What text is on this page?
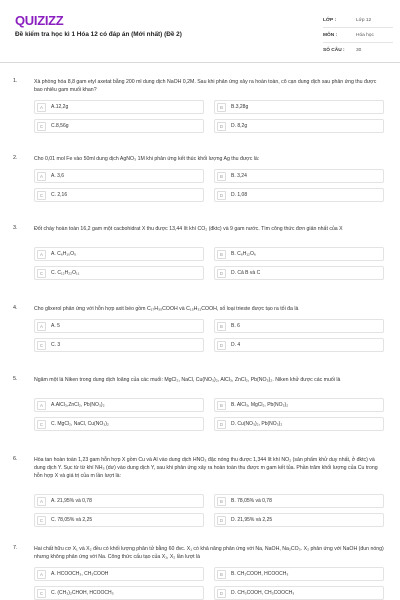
QUIZIZZ
Đề kiểm tra học kì 1 Hóa 12 có đáp án (Mới nhất) (Đề 2)
LỚP :	Lớp 12
MÔN :	Hóa học
SỐ CÂU :	30
1.	Xà phòng hóa 8,8 gam etyl axetat bằng 200 ml dung dịch NaOH 0,2M. Sau khi phản ứng xảy ra hoàn toàn, cô cạn dung dịch sau phản ứng thu được bao nhiêu gam muối khan?
A	A.12,2g	B	B.3,28g
C	C.8,56g	D	D. 8,2g
2.	Cho 0,01 mol Fe vào 50ml dung dịch AgNO₃ 1M khi phản ứng kết thúc khối lượng Ag thu được là:
A	A. 3,6	B	B. 3,24
C	C. 2,16	D	D. 1,08
3.	Đốt cháy hoàn toàn 16,2 gam một cacbohidrat X thu được 13,44 lít khí CO₂ (đktc) và 9 gam nước. Tìm công thức đơn giản nhất của X
A	A. C₆H₁₀O₅	B	B. C₆H₁₂O₆
C	C. C₁₂H₂₂O₁₁	D	D. Cả B và C
4.	Cho glixerol phản ứng với hỗn hợp axit béo gồm C₁₇H₃₅COOH và C₁₅H₃₁COOH, số loại trieste được tạo ra tối đa là
A	A. 5	B	B. 6
C	C. 3	D	D. 4
5.	Ngâm một lá Niken trong dung dịch loãng của các muối: MgCl₂, NaCl, Cu(NO₃)₂, AlCl₃, ZnCl₂, Pb(NO₃)₂. Niken khử được các muối là
A	A.AlCl₃,ZnCl₂, Pb(NO₃)₂	B	B. AlCl₃, MgCl₂, Pb(NO₃)₂
C	C. MgCl₂, NaCl, Cu(NO₃)₂	D	D. Cu(NO₃)₂, Pb(NO₃)₂
6.	Hòa tan hoàn toàn 1,23 gam hỗn hợp X gồm Cu và Al vào dung dịch HNO₃ đặc nóng thu được 1,344 lít khí NO₂ (sản phẩm khử duy nhất, ở đktc) và dung dịch Y. Sục từ từ khí NH₃ (dư) vào dung dịch Y, sau khi phản ứng xảy ra hoàn toàn thu được m gam kết tủa. Phần trăm khối lượng của Cu trong hỗn hợp X và giá trị của m lần lượt là:
A	A. 21,95% và 0,78	B	B. 78,05% và 0,78
C	C. 78,05% và 2,25	D	D. 21,95% và 2,25
7.	Hai chất hữu cơ X₁ và X₂ đều có khối lượng phân tử bằng 60 đvc. X₁ có khả năng phản ứng với Na, NaOH, Na₂CO₃. X₂ phản ứng với NaOH (đun nóng) nhưng không phản ứng với Na. Công thức cấu tạo của X₁, X₂ lần lượt là
A	A. HCOOCH₃, CH₃COOH	B	B. CH₃COOH, HCOOCH₃
C	C. (CH₃)₂CHOH, HCOOCH₃	D	D. CH₃COOH, CH₃COOCH₃
